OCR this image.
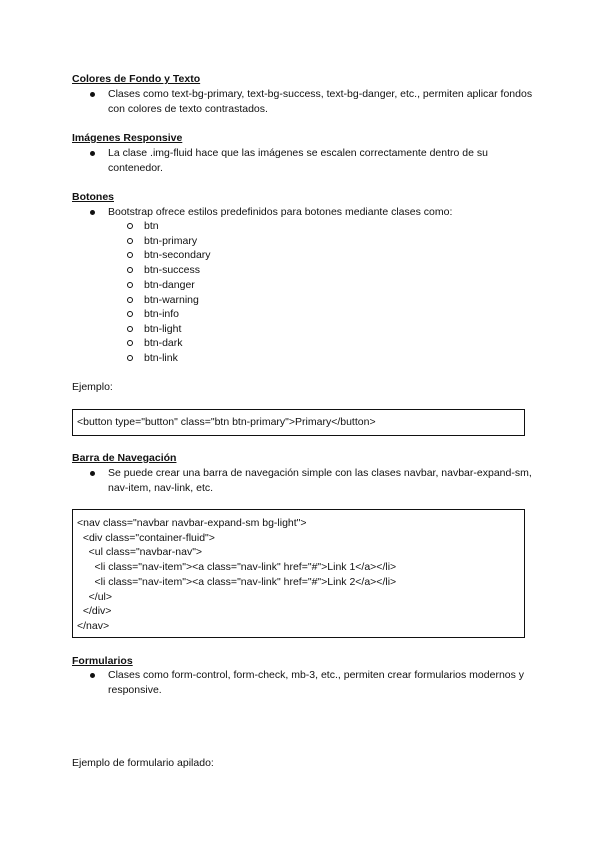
Colores de Fondo y Texto
Clases como text-bg-primary, text-bg-success, text-bg-danger, etc., permiten aplicar fondos con colores de texto contrastados.
Imágenes Responsive
La clase .img-fluid hace que las imágenes se escalen correctamente dentro de su contenedor.
Botones
Bootstrap ofrece estilos predefinidos para botones mediante clases como:
btn
btn-primary
btn-secondary
btn-success
btn-danger
btn-warning
btn-info
btn-light
btn-dark
btn-link
Ejemplo:
<button type="button" class="btn btn-primary">Primary</button>
Barra de Navegación
Se puede crear una barra de navegación simple con las clases navbar, navbar-expand-sm, nav-item, nav-link, etc.
<nav class="navbar navbar-expand-sm bg-light">
<div class="container-fluid">
<ul class="navbar-nav">
<li class="nav-item"><a class="nav-link" href="#">Link 1</a></li>
<li class="nav-item"><a class="nav-link" href="#">Link 2</a></li>
</ul>
</div>
</nav>
Formularios
Clases como form-control, form-check, mb-3, etc., permiten crear formularios modernos y responsive.
Ejemplo de formulario apilado:
